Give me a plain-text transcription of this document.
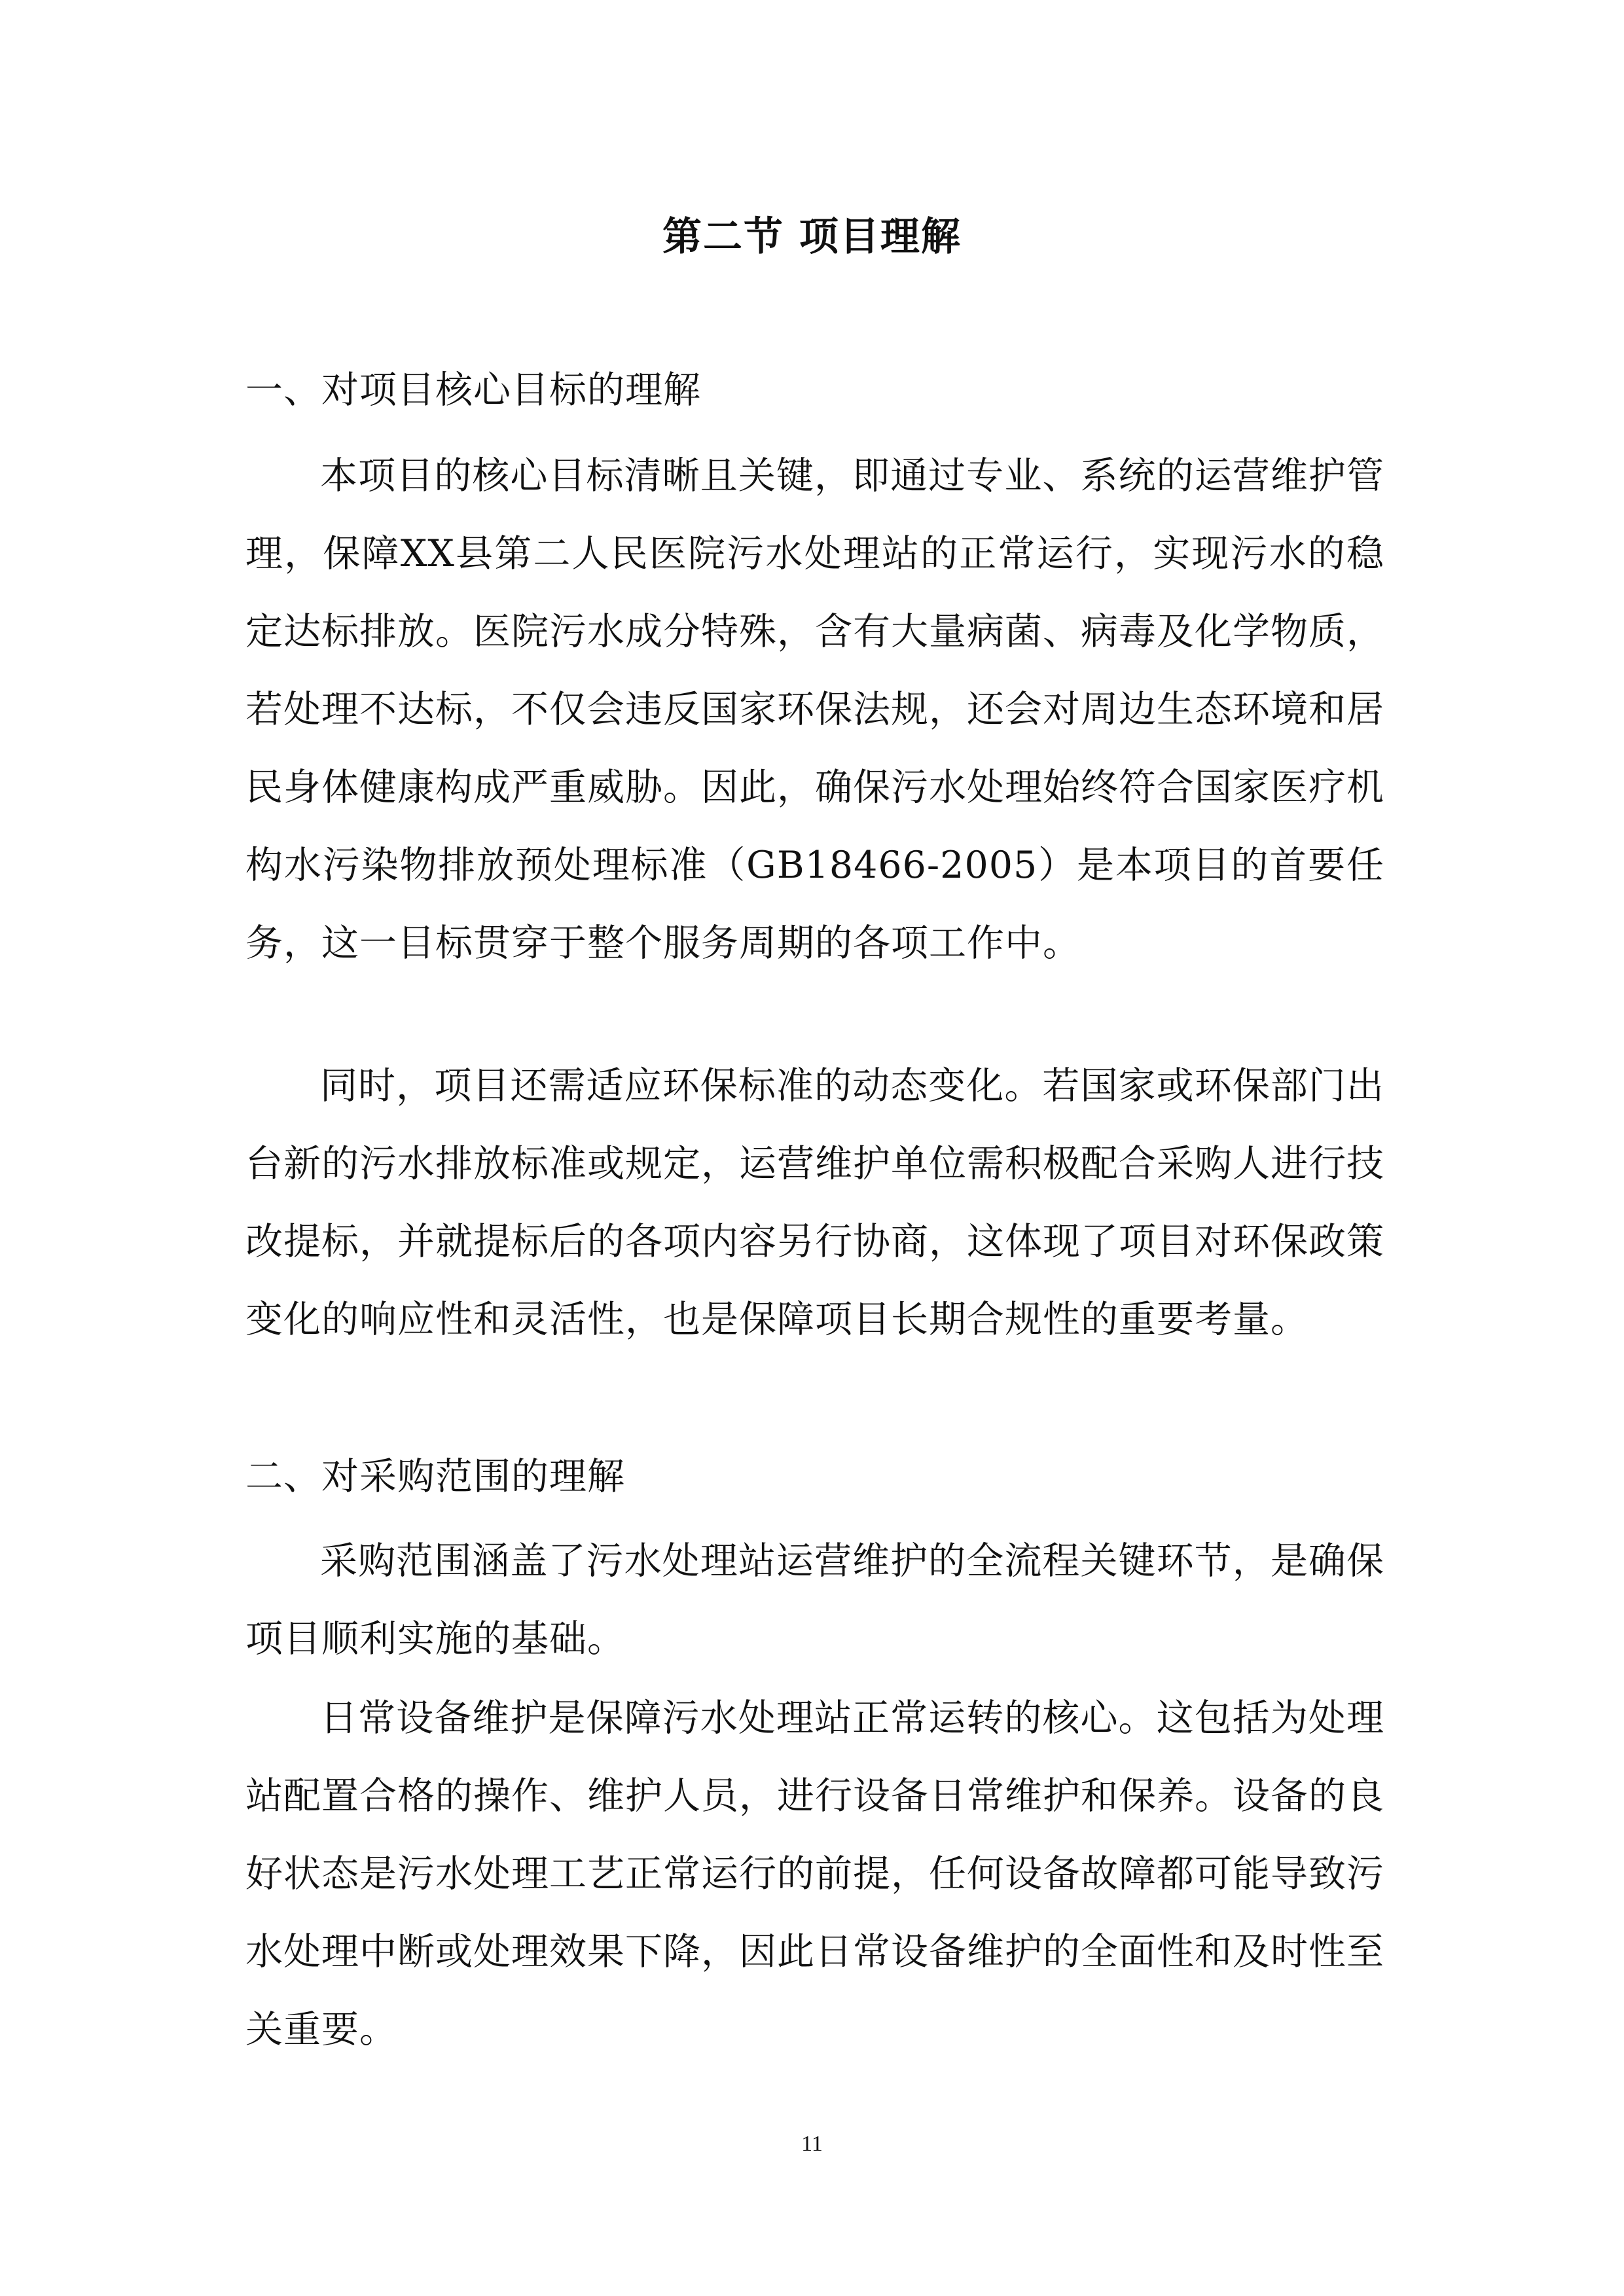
第二节 项目理解
一、对项目核心目标的理解

本项目的核心目标清晰且关键，即通过专业、系统的运营维护管理，保障XX县第二人民医院污水处理站的正常运行，实现污水的稳定达标排放。医院污水成分特殊，含有大量病菌、病毒及化学物质，若处理不达标，不仅会违反国家环保法规，还会对周边生态环境和居民身体健康构成严重威胁。因此，确保污水处理始终符合国家医疗机构水污染物排放预处理标准（GB18466-2005）是本项目的首要任务，这一目标贯穿于整个服务周期的各项工作中。

同时，项目还需适应环保标准的动态变化。若国家或环保部门出台新的污水排放标准或规定，运营维护单位需积极配合采购人进行技改提标，并就提标后的各项内容另行协商，这体现了项目对环保政策变化的响应性和灵活性，也是保障项目长期合规性的重要考量。

二、对采购范围的理解

采购范围涵盖了污水处理站运营维护的全流程关键环节，是确保项目顺利实施的基础。

日常设备维护是保障污水处理站正常运转的核心。这包括为处理站配置合格的操作、维护人员，进行设备日常维护和保养。设备的良好状态是污水处理工艺正常运行的前提，任何设备故障都可能导致污水处理中断或处理效果下降，因此日常设备维护的全面性和及时性至关重要。

11
